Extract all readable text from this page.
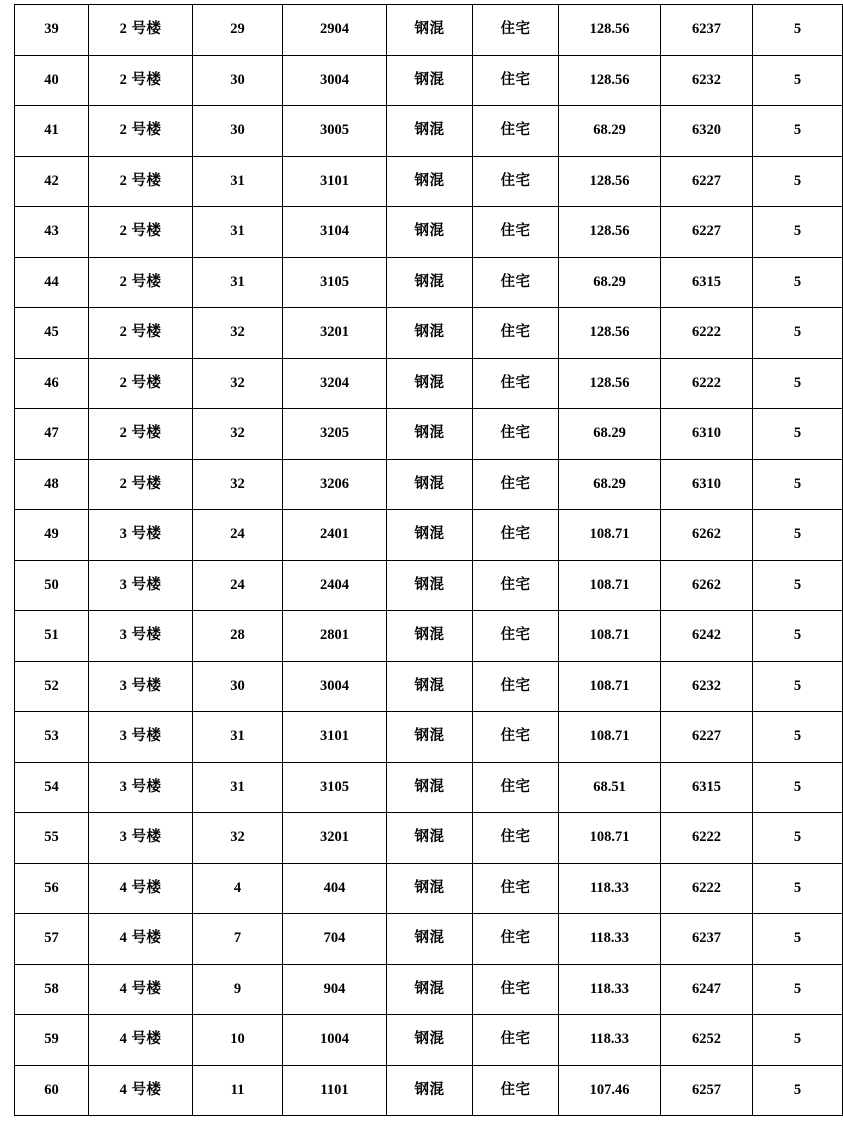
39	2 号楼	29	2904	钢混	住宅	128.56	6237	5
40	2 号楼	30	3004	钢混	住宅	128.56	6232	5
41	2 号楼	30	3005	钢混	住宅	68.29	6320	5
42	2 号楼	31	3101	钢混	住宅	128.56	6227	5
43	2 号楼	31	3104	钢混	住宅	128.56	6227	5
44	2 号楼	31	3105	钢混	住宅	68.29	6315	5
45	2 号楼	32	3201	钢混	住宅	128.56	6222	5
46	2 号楼	32	3204	钢混	住宅	128.56	6222	5
47	2 号楼	32	3205	钢混	住宅	68.29	6310	5
48	2 号楼	32	3206	钢混	住宅	68.29	6310	5
49	3 号楼	24	2401	钢混	住宅	108.71	6262	5
50	3 号楼	24	2404	钢混	住宅	108.71	6262	5
51	3 号楼	28	2801	钢混	住宅	108.71	6242	5
52	3 号楼	30	3004	钢混	住宅	108.71	6232	5
53	3 号楼	31	3101	钢混	住宅	108.71	6227	5
54	3 号楼	31	3105	钢混	住宅	68.51	6315	5
55	3 号楼	32	3201	钢混	住宅	108.71	6222	5
56	4 号楼	4	404	钢混	住宅	118.33	6222	5
57	4 号楼	7	704	钢混	住宅	118.33	6237	5
58	4 号楼	9	904	钢混	住宅	118.33	6247	5
59	4 号楼	10	1004	钢混	住宅	118.33	6252	5
60	4 号楼	11	1101	钢混	住宅	107.46	6257	5
